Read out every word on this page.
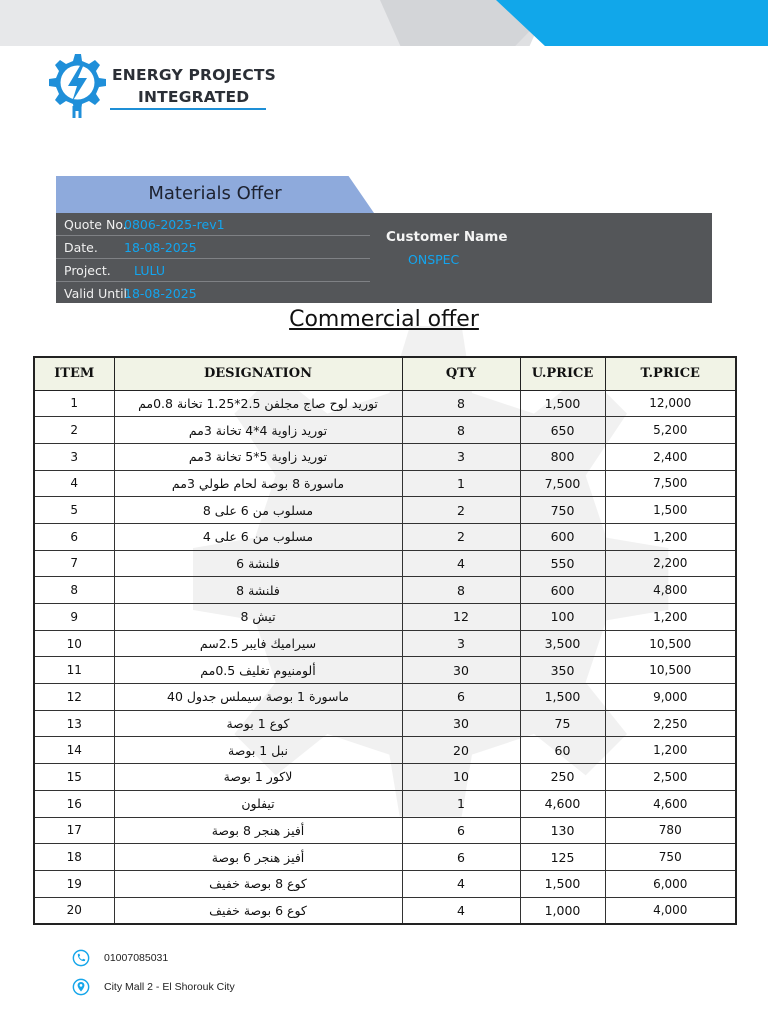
ENERGY PROJECTS
INTEGRATED
Materials Offer
Quote No.
0806-2025-rev1
Date. 18-08-2025
Project. LULU
Valid Until.
18-08-2025
Customer Name
ONSPEC
Commercial offer
ITEM	DESIGNATION	QTY	U.PRICE	T.PRICE
1	توريد لوح صاج مجلفن 2.5*1.25 تخانة 0.8مم	8	1,500	12,000
2	توريد زاوية 4*4 تخانة 3مم	8	650	5,200
3	توريد زاوية 5*5 تخانة 3مم	3	800	2,400
4	ماسورة 8 بوصة لحام طولي 3مم	1	7,500	7,500
5	مسلوب من 6 على 8	2	750	1,500
6	مسلوب من 6 على 4	2	600	1,200
7	فلنشة 6	4	550	2,200
8	فلنشة 8	8	600	4,800
9	تيش 8	12	100	1,200
10	سيراميك فايبر 2.5سم	3	3,500	10,500
11	ألومنيوم تغليف 0.5مم	30	350	10,500
12	ماسورة 1 بوصة سيملس جدول 40	6	1,500	9,000
13	كوع 1 بوصة	30	75	2,250
14	نبل 1 بوصة	20	60	1,200
15	لاكور 1 بوصة	10	250	2,500
16	تيفلون	1	4,600	4,600
17	أفيز هنجر 8 بوصة	6	130	780
18	أفيز هنجر 6 بوصة	6	125	750
19	كوع 8 بوصة خفيف	4	1,500	6,000
20	كوع 6 بوصة خفيف	4	1,000	4,000
01007085031
City Mall 2 - El Shorouk City
